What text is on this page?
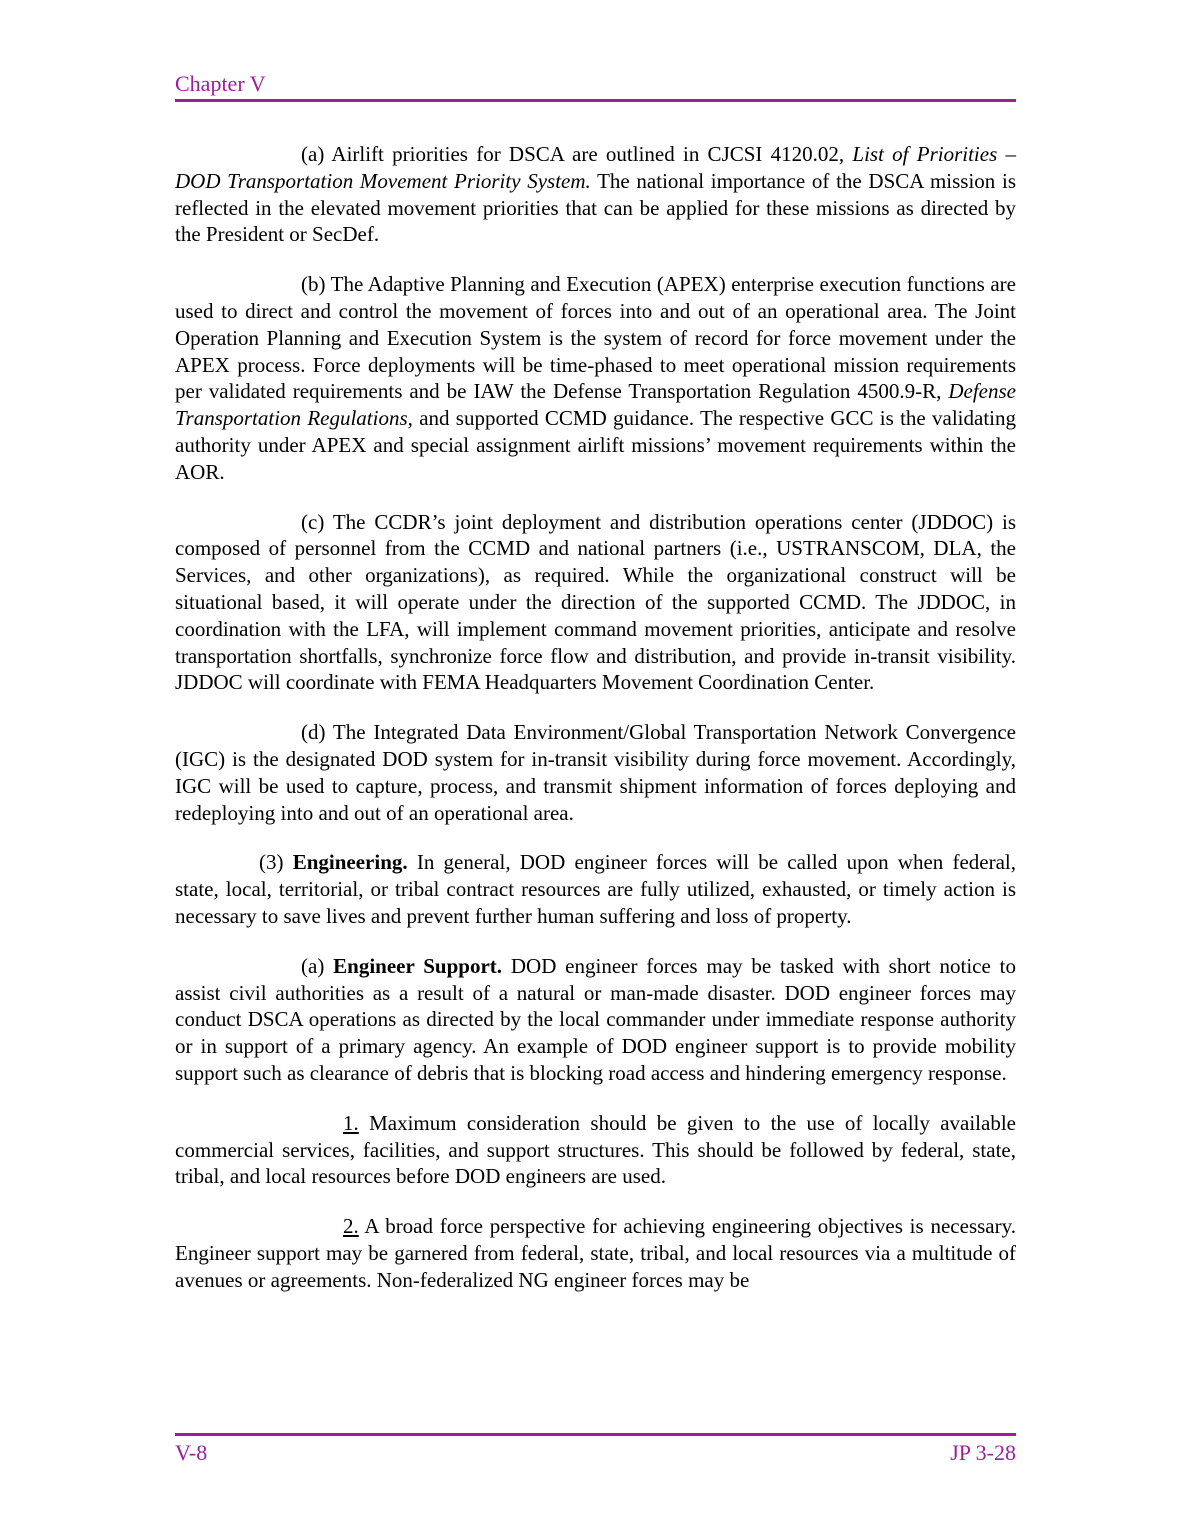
Chapter V

(a) Airlift priorities for DSCA are outlined in CJCSI 4120.02, List of Priorities – DOD Transportation Movement Priority System. The national importance of the DSCA mission is reflected in the elevated movement priorities that can be applied for these missions as directed by the President or SecDef.

(b) The Adaptive Planning and Execution (APEX) enterprise execution functions are used to direct and control the movement of forces into and out of an operational area. The Joint Operation Planning and Execution System is the system of record for force movement under the APEX process. Force deployments will be time-phased to meet operational mission requirements per validated requirements and be IAW the Defense Transportation Regulation 4500.9-R, Defense Transportation Regulations, and supported CCMD guidance. The respective GCC is the validating authority under APEX and special assignment airlift missions’ movement requirements within the AOR.

(c) The CCDR’s joint deployment and distribution operations center (JDDOC) is composed of personnel from the CCMD and national partners (i.e., USTRANSCOM, DLA, the Services, and other organizations), as required. While the organizational construct will be situational based, it will operate under the direction of the supported CCMD. The JDDOC, in coordination with the LFA, will implement command movement priorities, anticipate and resolve transportation shortfalls, synchronize force flow and distribution, and provide in-transit visibility. JDDOC will coordinate with FEMA Headquarters Movement Coordination Center.

(d) The Integrated Data Environment/Global Transportation Network Convergence (IGC) is the designated DOD system for in-transit visibility during force movement. Accordingly, IGC will be used to capture, process, and transmit shipment information of forces deploying and redeploying into and out of an operational area.

(3) Engineering. In general, DOD engineer forces will be called upon when federal, state, local, territorial, or tribal contract resources are fully utilized, exhausted, or timely action is necessary to save lives and prevent further human suffering and loss of property.

(a) Engineer Support. DOD engineer forces may be tasked with short notice to assist civil authorities as a result of a natural or man-made disaster. DOD engineer forces may conduct DSCA operations as directed by the local commander under immediate response authority or in support of a primary agency. An example of DOD engineer support is to provide mobility support such as clearance of debris that is blocking road access and hindering emergency response.

1. Maximum consideration should be given to the use of locally available commercial services, facilities, and support structures. This should be followed by federal, state, tribal, and local resources before DOD engineers are used.

2. A broad force perspective for achieving engineering objectives is necessary. Engineer support may be garnered from federal, state, tribal, and local resources via a multitude of avenues or agreements. Non-federalized NG engineer forces may be

V-8	JP 3-28
